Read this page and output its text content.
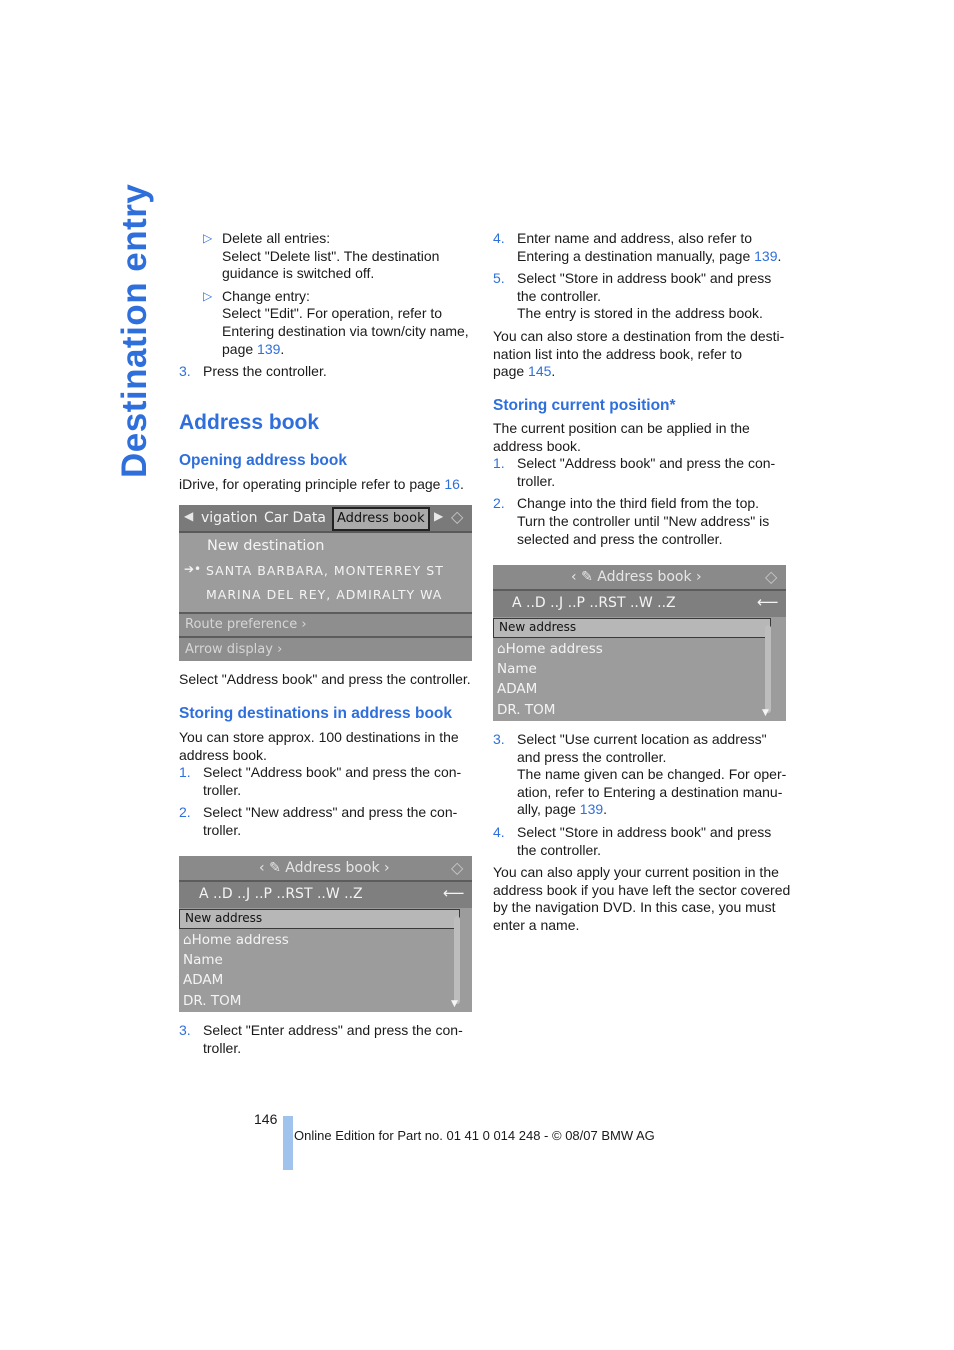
Destination entry	▷ Delete all entries:

Select "Delete list". The destination

guidance is switched off.

▷ Change entry:

Select "Edit". For operation, refer to

Entering destination via town/city name,

page 139.

3. Press the controller.

Address book
Opening address book

iDrive, for operating principle refer to page 16.

◀ vigation Car Data Address book ▶ ◇
New destination
➔• SANTA BARBARA, MONTERREY ST
MARINA DEL REY, ADMIRALTY WA
Route preference ›
Arrow display ›

Select "Address book" and press the controller.

Storing destinations in address book

You can store approx. 100 destinations in the

address book.

1. Select "Address book" and press the con-

troller.

2. Select "New address" and press the con-

troller.

‹ ✎ Address book ›	◇
A ..D ..J ..P ..RST ..W ..Z	⟵
New address
⌂Home address
Name
ADAM
DR. TOM	▼
3. Select "Enter address" and press the con-

troller.

4. Enter name and address, also refer to

Entering a destination manually, page 139.

5. Select "Store in address book" and press

the controller.

The entry is stored in the address book.

You can also store a destination from the desti-

nation list into the address book, refer to

page 145.

Storing current position*

The current position can be applied in the

address book.

1. Select "Address book" and press the con-

troller.

2. Change into the third field from the top.

Turn the controller until "New address" is

selected and press the controller.

‹ ✎ Address book ›	◇
A ..D ..J ..P ..RST ..W ..Z	⟵
New address
⌂Home address
Name
ADAM
DR. TOM	▼
3. Select "Use current location as address"

and press the controller.

The name given can be changed. For oper-

ation, refer to Entering a destination manu-

ally, page 139.

4. Select "Store in address book" and press

the controller.

You can also apply your current position in the

address book if you have left the sector covered

by the navigation DVD. In this case, you must

enter a name.

146
Online Edition for Part no. 01 41 0 014 248 - © 08/07 BMW AG
